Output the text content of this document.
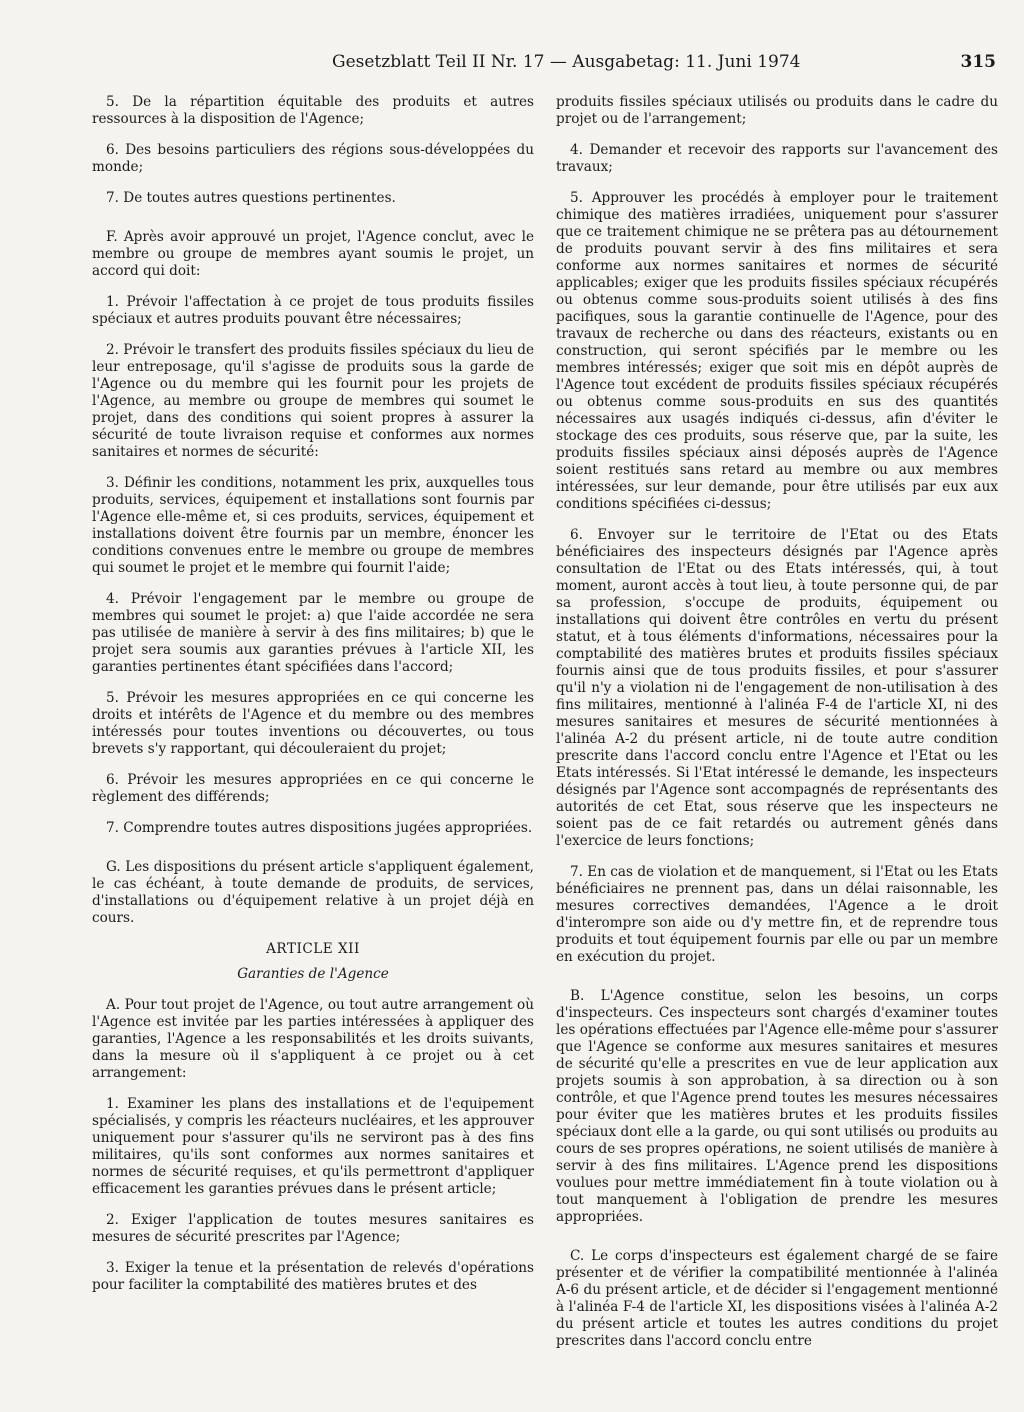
Gesetzblatt Teil II Nr. 17 — Ausgabetag: 11. Juni 1974	315

5. De la répartition équitable des produits et autres ressources à la disposition de l'Agence;

6. Des besoins particuliers des régions sous-développées du monde;

7. De toutes autres questions pertinentes.

F. Après avoir approuvé un projet, l'Agence conclut, avec le membre ou groupe de membres ayant soumis le projet, un accord qui doit:

1. Prévoir l'affectation à ce projet de tous produits fissiles spéciaux et autres produits pouvant être nécessaires;

2. Prévoir le transfert des produits fissiles spéciaux du lieu de leur entreposage, qu'il s'agisse de produits sous la garde de l'Agence ou du membre qui les fournit pour les projets de l'Agence, au membre ou groupe de membres qui soumet le projet, dans des conditions qui soient propres à assurer la sécurité de toute livraison requise et conformes aux normes sanitaires et normes de sécurité:

3. Définir les conditions, notamment les prix, auxquelles tous produits, services, équipement et installations sont fournis par l'Agence elle-même et, si ces produits, services, équipement et installations doivent être fournis par un membre, énoncer les conditions convenues entre le membre ou groupe de membres qui soumet le projet et le membre qui fournit l'aide;

4. Prévoir l'engagement par le membre ou groupe de membres qui soumet le projet: a) que l'aide accordée ne sera pas utilisée de manière à servir à des fins militaires; b) que le projet sera soumis aux garanties prévues à l'article XII, les garanties pertinentes étant spécifiées dans l'accord;

5. Prévoir les mesures appropriées en ce qui concerne les droits et intérêts de l'Agence et du membre ou des membres intéressés pour toutes inventions ou découvertes, ou tous brevets s'y rapportant, qui découleraient du projet;

6. Prévoir les mesures appropriées en ce qui concerne le règlement des différends;

7. Comprendre toutes autres dispositions jugées appropriées.

G. Les dispositions du présent article s'appliquent également, le cas échéant, à toute demande de produits, de services, d'installations ou d'équipement relative à un projet déjà en cours.

ARTICLE XII
Garanties de l'Agence

A. Pour tout projet de l'Agence, ou tout autre arrangement où l'Agence est invitée par les parties intéressées à appliquer des garanties, l'Agence a les responsabilités et les droits suivants, dans la mesure où il s'appliquent à ce projet ou à cet arrangement:

1. Examiner les plans des installations et de l'equipement spécialisés, y compris les réacteurs nucléaires, et les approuver uniquement pour s'assurer qu'ils ne serviront pas à des fins militaires, qu'ils sont conformes aux normes sanitaires et normes de sécurité requises, et qu'ils permettront d'appliquer efficacement les garanties prévues dans le présent article;

2. Exiger l'application de toutes mesures sanitaires es mesures de sécurité prescrites par l'Agence;

3. Exiger la tenue et la présentation de relevés d'opérations pour faciliter la comptabilité des matières brutes et des

produits fissiles spéciaux utilisés ou produits dans le cadre du projet ou de l'arrangement;

4. Demander et recevoir des rapports sur l'avancement des travaux;

5. Approuver les procédés à employer pour le traitement chimique des matières irradiées, uniquement pour s'assurer que ce traitement chimique ne se prêtera pas au détournement de produits pouvant servir à des fins militaires et sera conforme aux normes sanitaires et normes de sécurité applicables; exiger que les produits fissiles spéciaux récupérés ou obtenus comme sous-produits soient utilisés à des fins pacifiques, sous la garantie continuelle de l'Agence, pour des travaux de recherche ou dans des réacteurs, existants ou en construction, qui seront spécifiés par le membre ou les membres intéressés; exiger que soit mis en dépôt auprès de l'Agence tout excédent de produits fissiles spéciaux récupérés ou obtenus comme sous-produits en sus des quantités nécessaires aux usagés indiqués ci-dessus, afin d'éviter le stockage des ces produits, sous réserve que, par la suite, les produits fissiles spéciaux ainsi déposés auprès de l'Agence soient restitués sans retard au membre ou aux membres intéressées, sur leur demande, pour être utilisés par eux aux conditions spécifiées ci-dessus;

6. Envoyer sur le territoire de l'Etat ou des Etats bénéficiaires des inspecteurs désignés par l'Agence après consultation de l'Etat ou des Etats intéressés, qui, à tout moment, auront accès à tout lieu, à toute personne qui, de par sa profession, s'occupe de produits, équipement ou installations qui doivent être contrôles en vertu du présent statut, et à tous éléments d'informations, nécessaires pour la comptabilité des matières brutes et produits fissiles spéciaux fournis ainsi que de tous produits fissiles, et pour s'assurer qu'il n'y a violation ni de l'engagement de non-utilisation à des fins militaires, mentionné à l'alinéa F-4 de l'article XI, ni des mesures sanitaires et mesures de sécurité mentionnées à l'alinéa A-2 du présent article, ni de toute autre condition prescrite dans l'accord conclu entre l'Agence et l'Etat ou les Etats intéressés. Si l'Etat intéressé le demande, les inspecteurs désignés par l'Agence sont accompagnés de représentants des autorités de cet Etat, sous réserve que les inspecteurs ne soient pas de ce fait retardés ou autrement gênés dans l'exercice de leurs fonctions;

7. En cas de violation et de manquement, si l'Etat ou les Etats bénéficiaires ne prennent pas, dans un délai raisonnable, les mesures correctives demandées, l'Agence a le droit d'interompre son aide ou d'y mettre fin, et de reprendre tous produits et tout équipement fournis par elle ou par un membre en exécution du projet.

B. L'Agence constitue, selon les besoins, un corps d'inspecteurs. Ces inspecteurs sont chargés d'examiner toutes les opérations effectuées par l'Agence elle-même pour s'assurer que l'Agence se conforme aux mesures sanitaires et mesures de sécurité qu'elle a prescrites en vue de leur application aux projets soumis à son approbation, à sa direction ou à son contrôle, et que l'Agence prend toutes les mesures nécessaires pour éviter que les matières brutes et les produits fissiles spéciaux dont elle a la garde, ou qui sont utilisés ou produits au cours de ses propres opérations, ne soient utilisés de manière à servir à des fins militaires. L'Agence prend les dispositions voulues pour mettre immédiatement fin à toute violation ou à tout manquement à l'obligation de prendre les mesures appropriées.

C. Le corps d'inspecteurs est également chargé de se faire présenter et de vérifier la compatibilité mentionnée à l'alinéa A-6 du présent article, et de décider si l'engagement mentionné à l'alinéa F-4 de l'article XI, les dispositions visées à l'alinéa A-2 du présent article et toutes les autres conditions du projet prescrites dans l'accord conclu entre
